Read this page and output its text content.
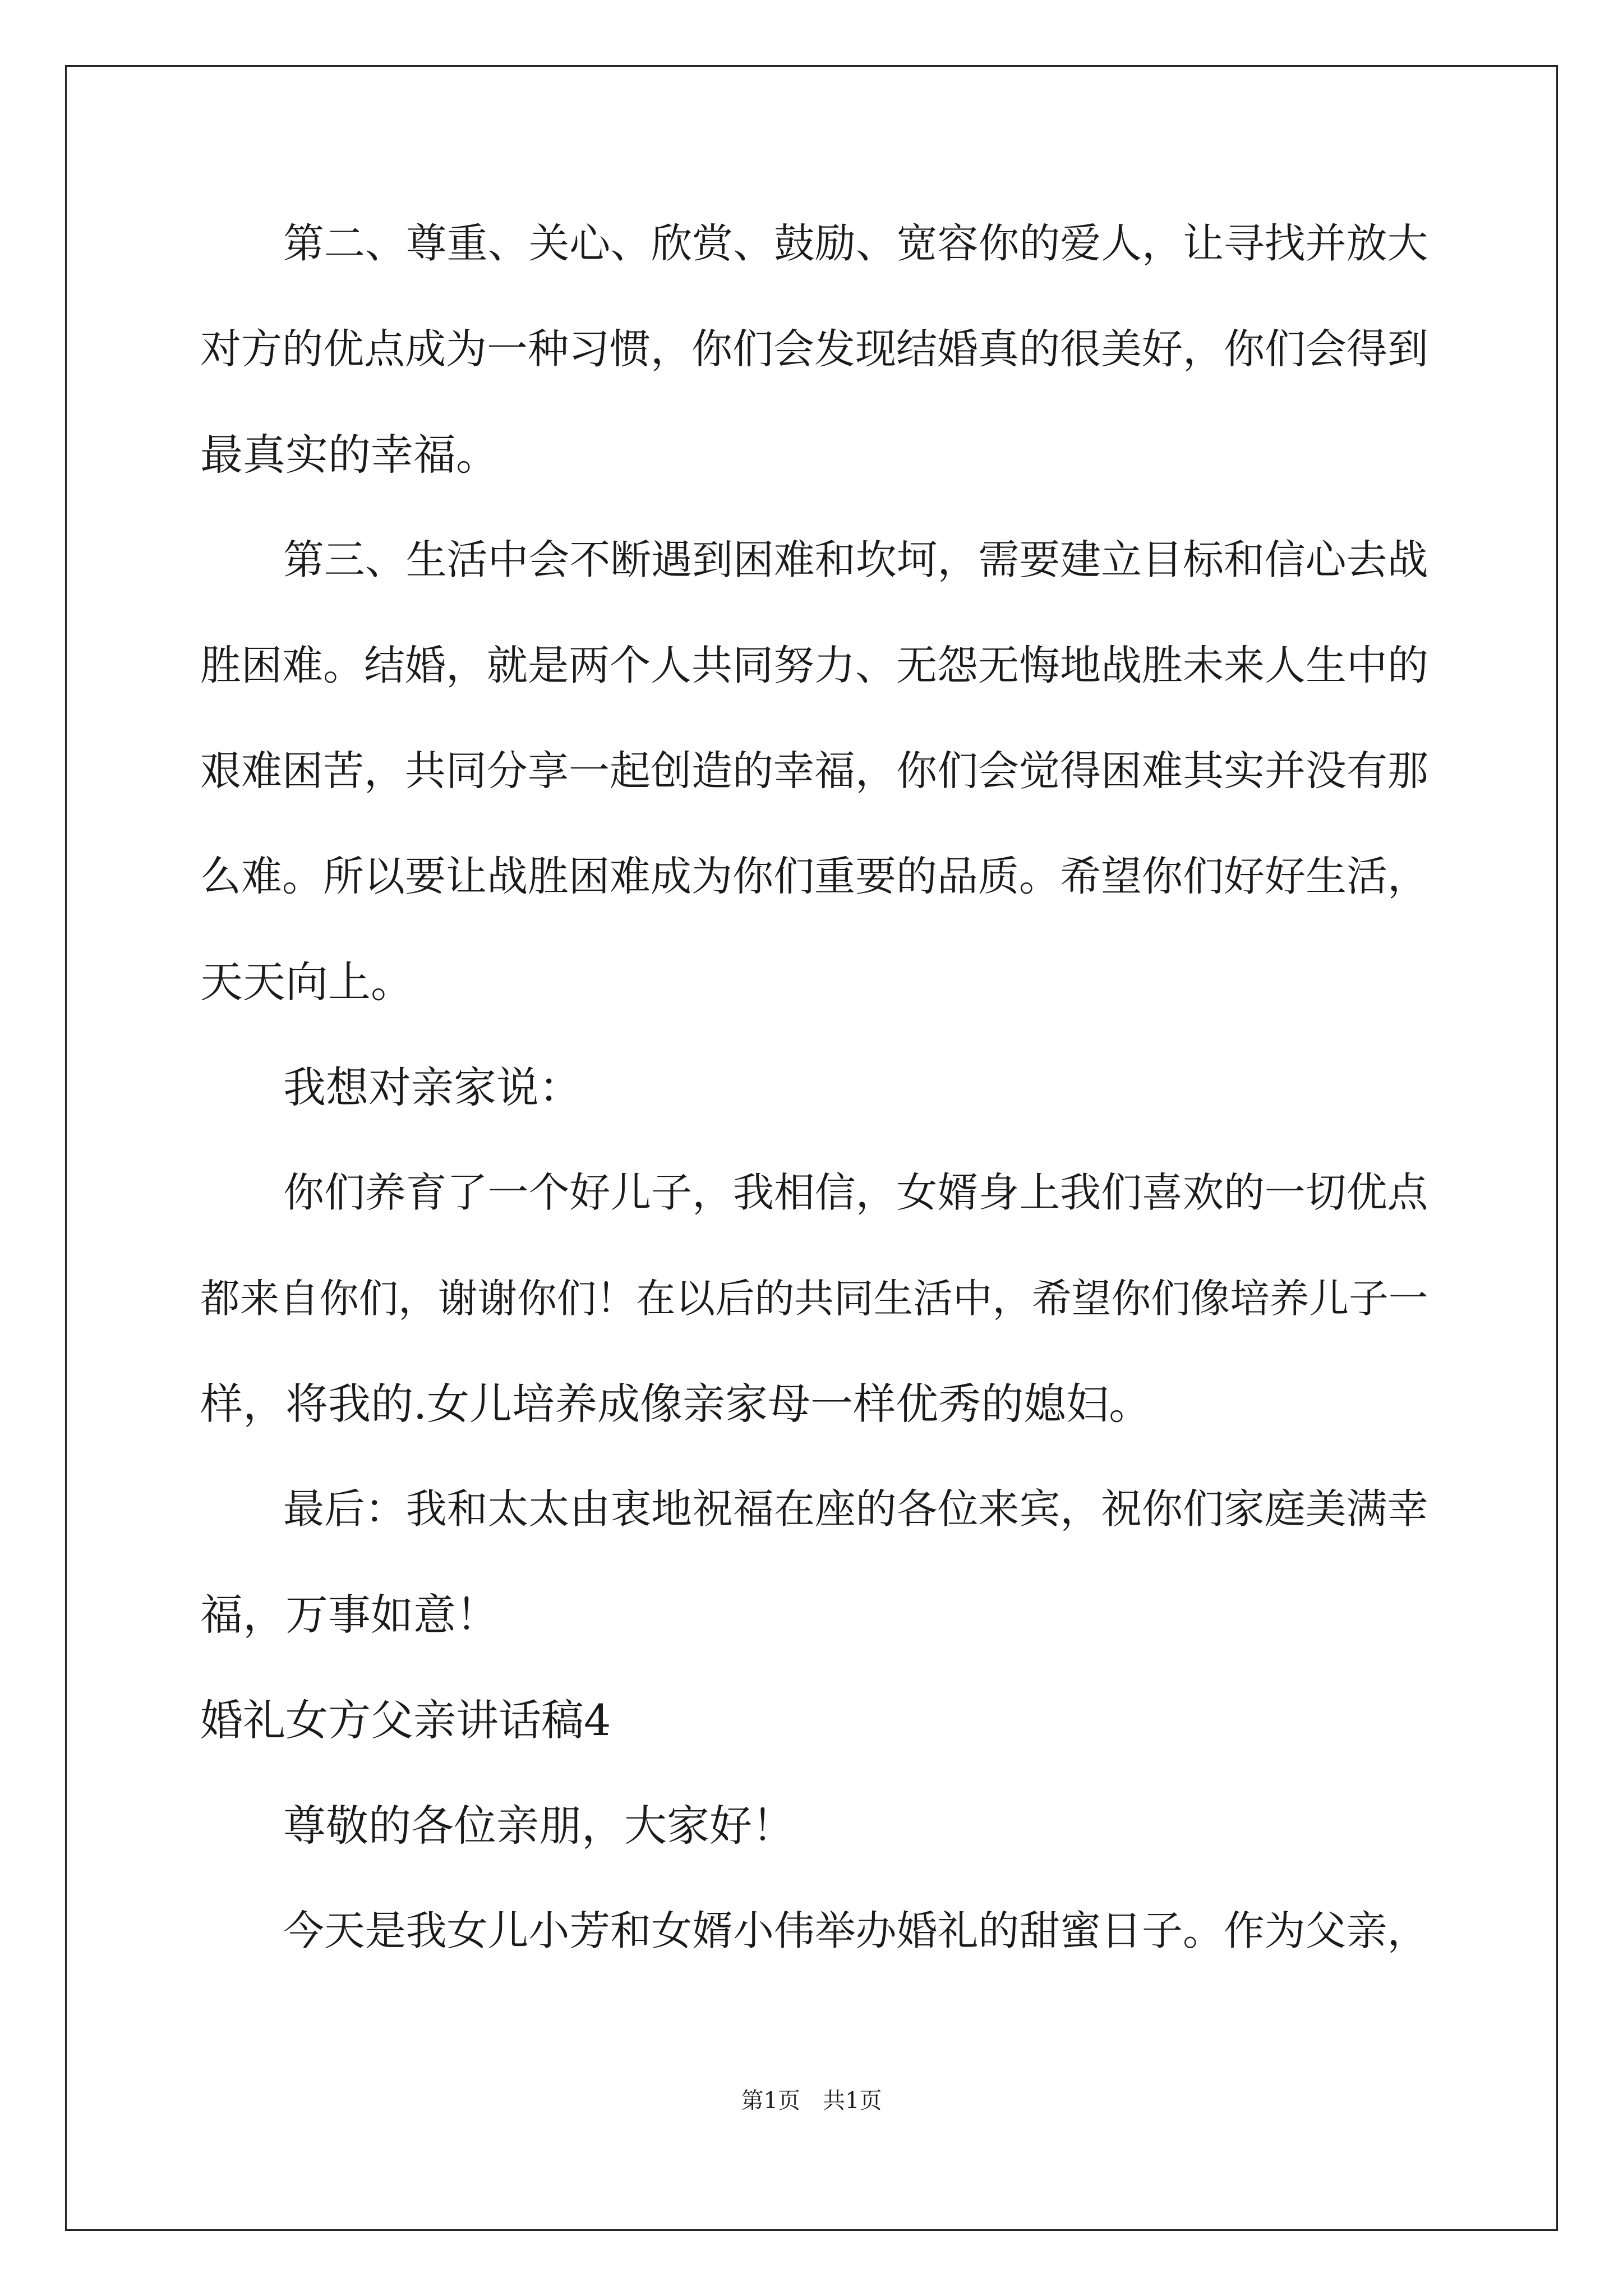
第二、尊重、关心、欣赏、鼓励、宽容你的爱人，让寻找并放大
对方的优点成为一种习惯，你们会发现结婚真的很美好，你们会得到
最真实的幸福。
第三、生活中会不断遇到困难和坎坷，需要建立目标和信心去战
胜困难。结婚，就是两个人共同努力、无怨无悔地战胜未来人生中的
艰难困苦，共同分享一起创造的幸福，你们会觉得困难其实并没有那
么难。所以要让战胜困难成为你们重要的品质。希望你们好好生活，
天天向上。
我想对亲家说：
你们养育了一个好儿子，我相信，女婿身上我们喜欢的一切优点
都来自你们，谢谢你们！在以后的共同生活中，希望你们像培养儿子一
样，将我的.女儿培养成像亲家母一样优秀的媳妇。
最后：我和太太由衷地祝福在座的各位来宾，祝你们家庭美满幸
福，万事如意！
婚礼女方父亲讲话稿4
尊敬的各位亲朋，大家好！
今天是我女儿小芳和女婿小伟举办婚礼的甜蜜日子。作为父亲，
第1页　共1页
